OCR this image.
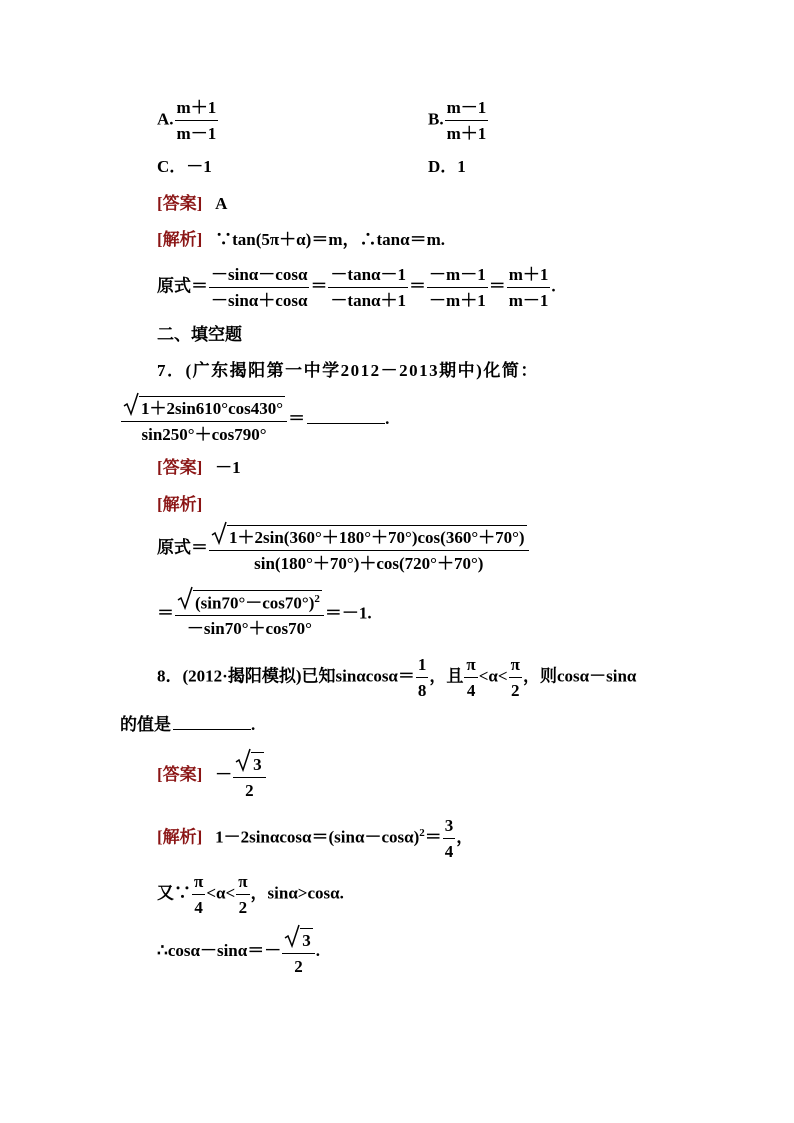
A. $\frac{m+1}{m-1}$	B. $\frac{m-1}{m+1}$
C．－1	D．1
[答案] A
[解析] ∵tan(5π＋α)＝m，∴tanα＝m.
原式＝ $\frac{-\sin\alpha-\cos\alpha}{-\sin\alpha+\cos\alpha} = \frac{-\tan\alpha-1}{-\tan\alpha+1} = \frac{-m-1}{-m+1} = \frac{m+1}{m-1}$ .
二、填空题
7．(广东揭阳第一中学2012－2013期中)化简：
$\frac{1+2\sin 610^\circ\cos 430^\circ}{\sin 250^\circ+\cos 790^\circ}$ ＝	.
[答案] －1
[解析]
原式＝ $\frac{1+2\sin(360^\circ+180^\circ+70^\circ)\cos(360^\circ+70^\circ)}{\sin(180^\circ+70^\circ)+\cos(720^\circ+70^\circ)}$
＝ $\frac{(\sin 70^\circ-\cos 70^\circ)^2}{-\sin 70^\circ+\cos 70^\circ} =-1$.
8．(2012·揭阳模拟)已知$\sin\alpha\cos\alpha= \frac{1}{8}$ ，且 $\frac{\pi}{4} <\alpha< \frac{\pi}{2}$ ，则cosα－sinα
的值是	.
[答案] － $\frac{3}{2}$
[解析] $1-2\sin\alpha\cos\alpha=(\sin\alpha-\cos\alpha)^2= \frac{3}{4}$ ，
又∵ $\frac{\pi}{4} <\alpha< \frac{\pi}{2}$ ，sinα>cosα.
∴cosα－sinα＝－ $\frac{3}{2}$ .
